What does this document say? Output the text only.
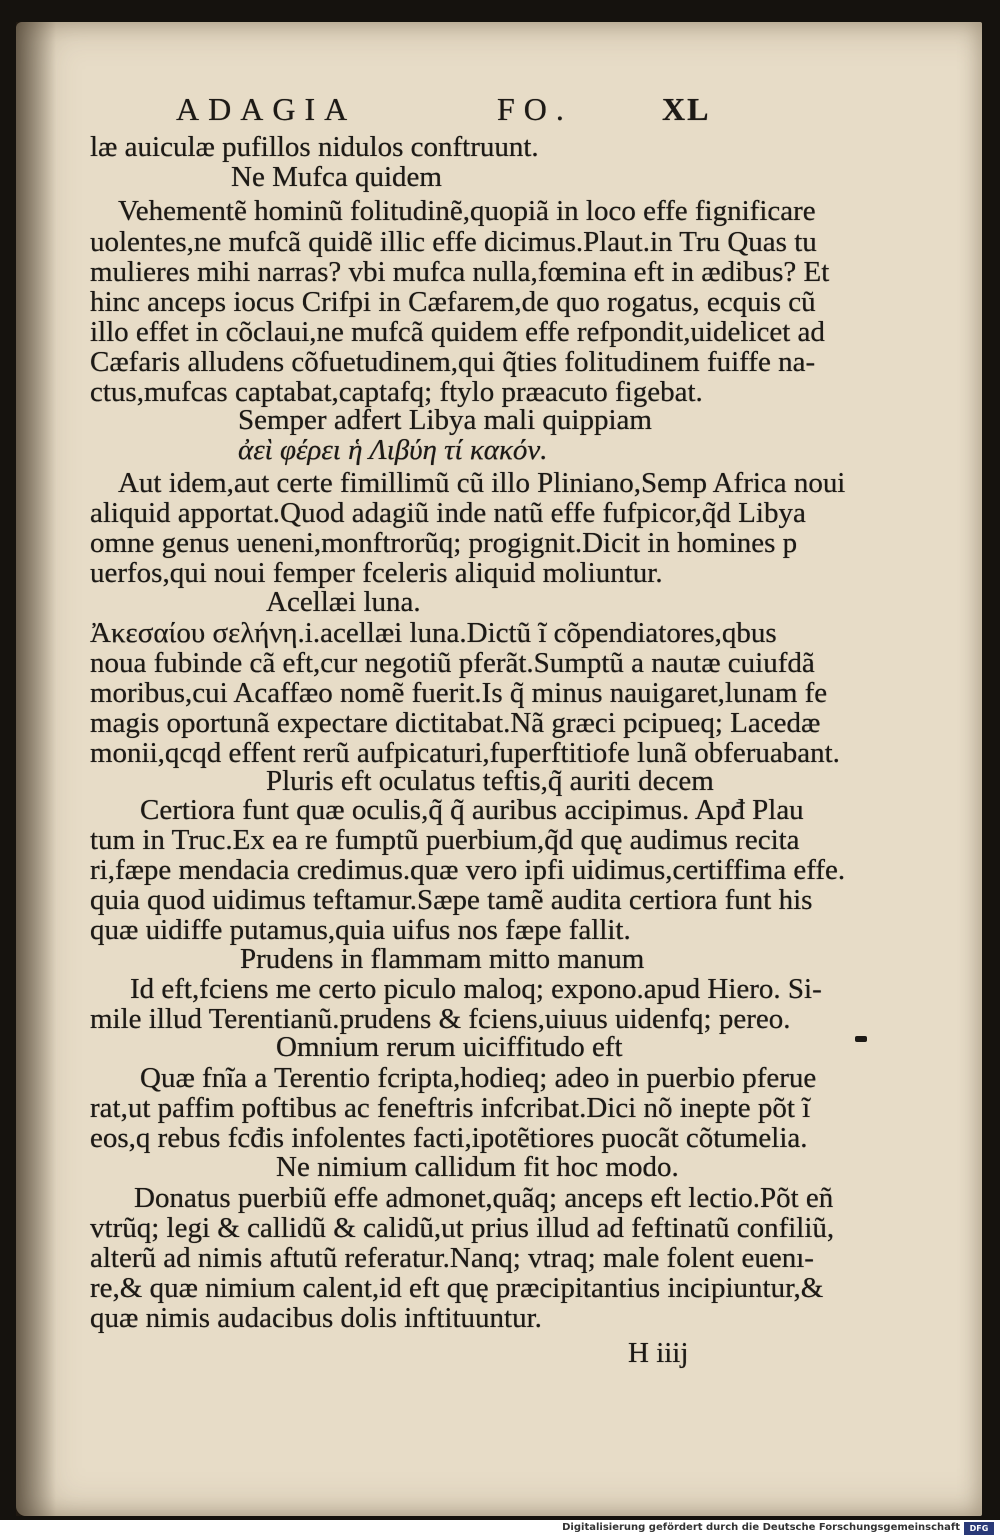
ADAGIA	FO.	XL
læ auiculæ pufillos nidulos conftruunt.
Ne Mufca quidem
Vehementẽ hominũ folitudinẽ,quopiã in loco effe fignificare
uolentes,ne mufcã quidẽ illic effe dicimus.Plaut.in Tru Quas tu
mulieres mihi narras? vbi mufca nulla,fœmina eft in ædibus? Et
hinc anceps iocus Crifpi in Cæfarem,de quo rogatus, ecquis cũ
illo effet in cõclaui,ne mufcã quidem effe refpondit,uidelicet ad
Cæfaris alludens cõfuetudinem,qui q̃ties folitudinem fuiffe na-
ctus,mufcas captabat,captafq; ftylo præacuto figebat.
Semper adfert Libya mali quippiam
ἀεὶ φέρει ἡ Λιβύη τί κακόν.
Aut idem,aut certe fimillimũ cũ illo Pliniano,Semp Africa noui
aliquid apportat.Quod adagiũ inde natũ effe fufpicor,q̃d Libya
omne genus ueneni,monftrorũq; progignit.Dicit in homines p
uerfos,qui noui femper fceleris aliquid moliuntur.
Acellæi luna.
Ἀκεσαίου σελήνη.i.acellæi luna.Dictũ ĩ cõpendiatores,qbus
noua fubinde cã eft,cur negotiũ pferãt.Sumptũ a nautæ cuiufdã
moribus,cui Acaffæo nomẽ fuerit.Is q̃ minus nauigaret,lunam fe
magis oportunã expectare dictitabat.Nã græci pcipueq; Lacedæ
monii,qcqd effent rerũ aufpicaturi,fuperftitiofe lunã obferuabant.
Pluris eft oculatus teftis,q̃ auriti decem
Certiora funt quæ oculis,q̃ q̃ auribus accipimus. Apđ Plau
tum in Truc.Ex ea re fumptũ puerbium,q̃d quę audimus recita
ri,fæpe mendacia credimus.quæ vero ipfi uidimus,certiffima effe.
quia quod uidimus teftamur.Sæpe tamẽ audita certiora funt his
quæ uidiffe putamus,quia uifus nos fæpe fallit.
Prudens in flammam mitto manum
Id eft,fciens me certo piculo maloq; expono.apud Hiero. Si-
mile illud Terentianũ.prudens & fciens,uiuus uidenfq; pereo.
Omnium rerum uiciffitudo eft
Quæ fnĩa a Terentio fcripta,hodieq; adeo in puerbio pferue
rat,ut paffim poftibus ac feneftris infcribat.Dici nõ inepte põt ĩ
eos,q rebus fcđis infolentes facti,ipotẽtiores puocãt cõtumelia.
Ne nimium callidum fit hoc modo.
Donatus puerbiũ effe admonet,quãq; anceps eft lectio.Põt eñ
vtrũq; legi & callidũ & calidũ,ut prius illud ad feftinatũ confiliũ,
alterũ ad nimis aftutũ referatur.Nanq; vtraq; male folent euenı-
re,& quæ nimium calent,id eft quę præcipitantius incipiuntur,&
quæ nimis audacibus dolis inftituuntur.
H iiij
Digitalisierung gefördert durch die Deutsche Forschungsgemeinschaft	DFG
